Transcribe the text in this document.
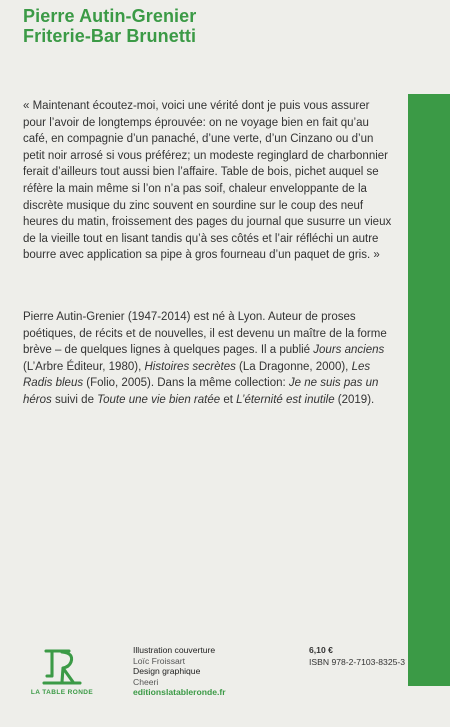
Pierre Autin-Grenier
Friterie-Bar Brunetti
« Maintenant écoutez-moi, voici une vérité dont je puis vous assurer pour l’avoir de longtemps éprouvée: on ne voyage bien en fait qu’au café, en compagnie d’un panaché, d’une verte, d’un Cinzano ou d’un petit noir arrosé si vous préférez; un modeste reginglard de charbonnier ferait d’ailleurs tout aussi bien l’affaire. Table de bois, pichet auquel se réfère la main même si l’on n’a pas soif, chaleur enveloppante de la discrète musique du zinc souvent en sourdine sur le coup des neuf heures du matin, froissement des pages du journal que susurre un vieux de la vieille tout en lisant tandis qu’à ses côtés et l’air réfléchi un autre bourre avec application sa pipe à gros fourneau d’un paquet de gris. »
Pierre Autin-Grenier (1947-2014) est né à Lyon. Auteur de proses poétiques, de récits et de nouvelles, il est devenu un maître de la forme brève – de quelques lignes à quelques pages. Il a publié Jours anciens (L’Arbre Éditeur, 1980), Histoires secrètes (La Dragonne, 2000), Les Radis bleus (Folio, 2005). Dans la même collection: Je ne suis pas un héros suivi de Toute une vie bien ratée et L’éternité est inutile (2019).
LA TABLE RONDE
Illustration couverture
Loïc Froissart
Design graphique
Cheeri
editionslatableronde.fr
6,10 €
ISBN 978-2-7103-8325-3
